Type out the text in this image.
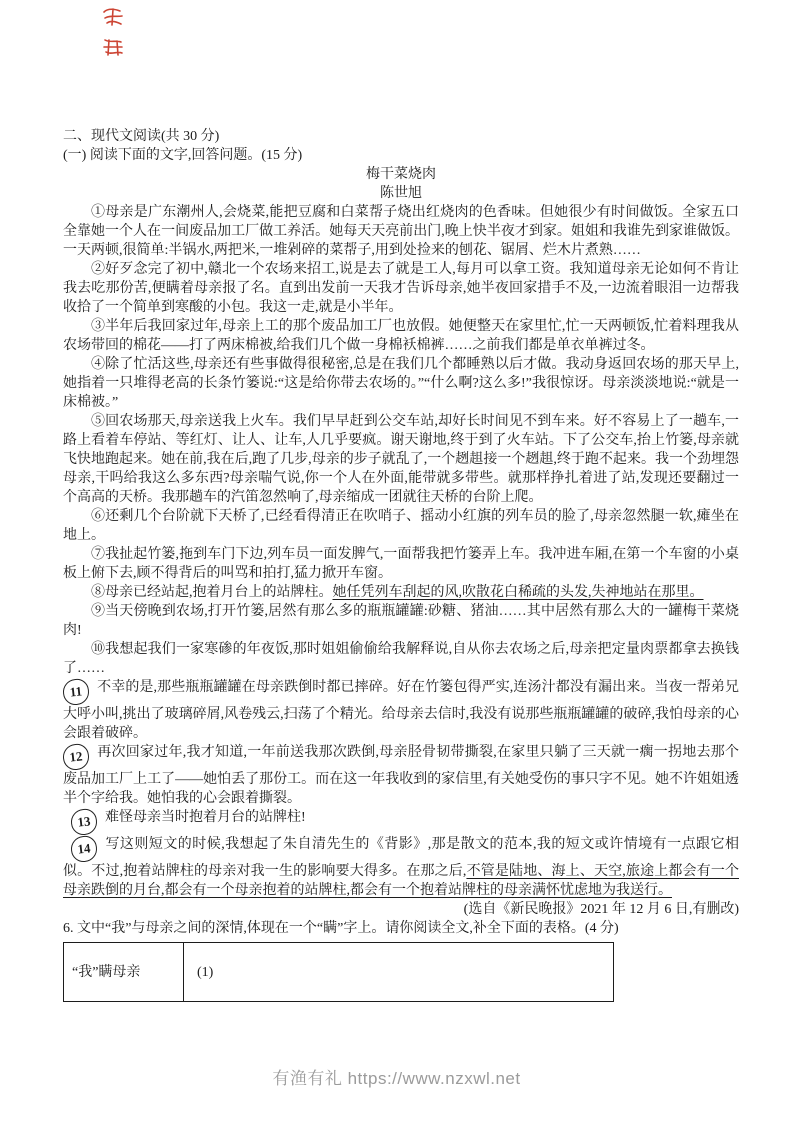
二、现代文阅读(共 30 分)

(一) 阅读下面的文字,回答问题。(15 分)

梅干菜烧肉

陈世旭

①母亲是广东潮州人,会烧菜,能把豆腐和白菜帮子烧出红烧肉的色香味。但她很少有时间做饭。全家五口全靠她一个人在一间废品加工厂做工养活。她每天天亮前出门,晚上快半夜才到家。姐姐和我谁先到家谁做饭。一天两顿,很简单:半锅水,两把米,一堆剁碎的菜帮子,用到处捡来的刨花、锯屑、烂木片煮熟……

②好歹念完了初中,赣北一个农场来招工,说是去了就是工人,每月可以拿工资。我知道母亲无论如何不肯让我去吃那份苦,便瞒着母亲报了名。直到出发前一天我才告诉母亲,她半夜回家措手不及,一边流着眼泪一边帮我收拾了一个简单到寒酸的小包。我这一走,就是小半年。

③半年后我回家过年,母亲上工的那个废品加工厂也放假。她便整天在家里忙,忙一天两顿饭,忙着料理我从农场带回的棉花——打了两床棉被,给我们几个做一身棉袄棉裤……之前我们都是单衣单裤过冬。

④除了忙活这些,母亲还有些事做得很秘密,总是在我们几个都睡熟以后才做。我动身返回农场的那天早上,她指着一只堆得老高的长条竹篓说:“这是给你带去农场的。”“什么啊?这么多!”我很惊讶。母亲淡淡地说:“就是一床棉被。”

⑤回农场那天,母亲送我上火车。我们早早赶到公交车站,却好长时间见不到车来。好不容易上了一趟车,一路上看着车停站、等红灯、让人、让车,人几乎要疯。谢天谢地,终于到了火车站。下了公交车,抬上竹篓,母亲就飞快地跑起来。她在前,我在后,跑了几步,母亲的步子就乱了,一个趔趄接一个趔趄,终于跑不起来。我一个劲埋怨母亲,干吗给我这么多东西?母亲喘气说,你一个人在外面,能带就多带些。就那样挣扎着进了站,发现还要翻过一个高高的天桥。我那趟车的汽笛忽然响了,母亲缩成一团就往天桥的台阶上爬。

⑥还剩几个台阶就下天桥了,已经看得清正在吹哨子、摇动小红旗的列车员的脸了,母亲忽然腿一软,瘫坐在地上。

⑦我扯起竹篓,拖到车门下边,列车员一面发脾气,一面帮我把竹篓弄上车。我冲进车厢,在第一个车窗的小桌板上俯下去,顾不得背后的叫骂和拍打,猛力掀开车窗。

⑧母亲已经站起,抱着月台上的站牌柱。她任凭列车刮起的风,吹散花白稀疏的头发,失神地站在那里。

⑨当天傍晚到农场,打开竹篓,居然有那么多的瓶瓶罐罐:砂糖、猪油……其中居然有那么大的一罐梅干菜烧肉!

⑩我想起我们一家寒碜的年夜饭,那时姐姐偷偷给我解释说,自从你去农场之后,母亲把定量肉票都拿去换钱了……

11 不幸的是,那些瓶瓶罐罐在母亲跌倒时都已摔碎。好在竹篓包得严实,连汤汁都没有漏出来。当夜一帮弟兄大呼小叫,挑出了玻璃碎屑,风卷残云,扫荡了个精光。给母亲去信时,我没有说那些瓶瓶罐罐的破碎,我怕母亲的心会跟着破碎。

12 再次回家过年,我才知道,一年前送我那次跌倒,母亲胫骨韧带撕裂,在家里只躺了三天就一瘸一拐地去那个废品加工厂上工了——她怕丢了那份工。而在这一年我收到的家信里,有关她受伤的事只字不见。她不许姐姐透半个字给我。她怕我的心会跟着撕裂。

13 难怪母亲当时抱着月台的站牌柱!

14 写这则短文的时候,我想起了朱自清先生的《背影》,那是散文的范本,我的短文或许情境有一点跟它相似。不过,抱着站牌柱的母亲对我一生的影响要大得多。在那之后,不管是陆地、海上、天空,旅途上都会有一个母亲跌倒的月台,都会有一个母亲抱着的站牌柱,都会有一个抱着站牌柱的母亲满怀忧虑地为我送行。

(选自《新民晚报》2021 年 12 月 6 日,有删改)

6. 文中“我”与母亲之间的深情,体现在一个“瞒”字上。请你阅读全文,补全下面的表格。(4 分)

“我”瞒母亲	(1)
有渔有礼 https://www.nzxwl.net
